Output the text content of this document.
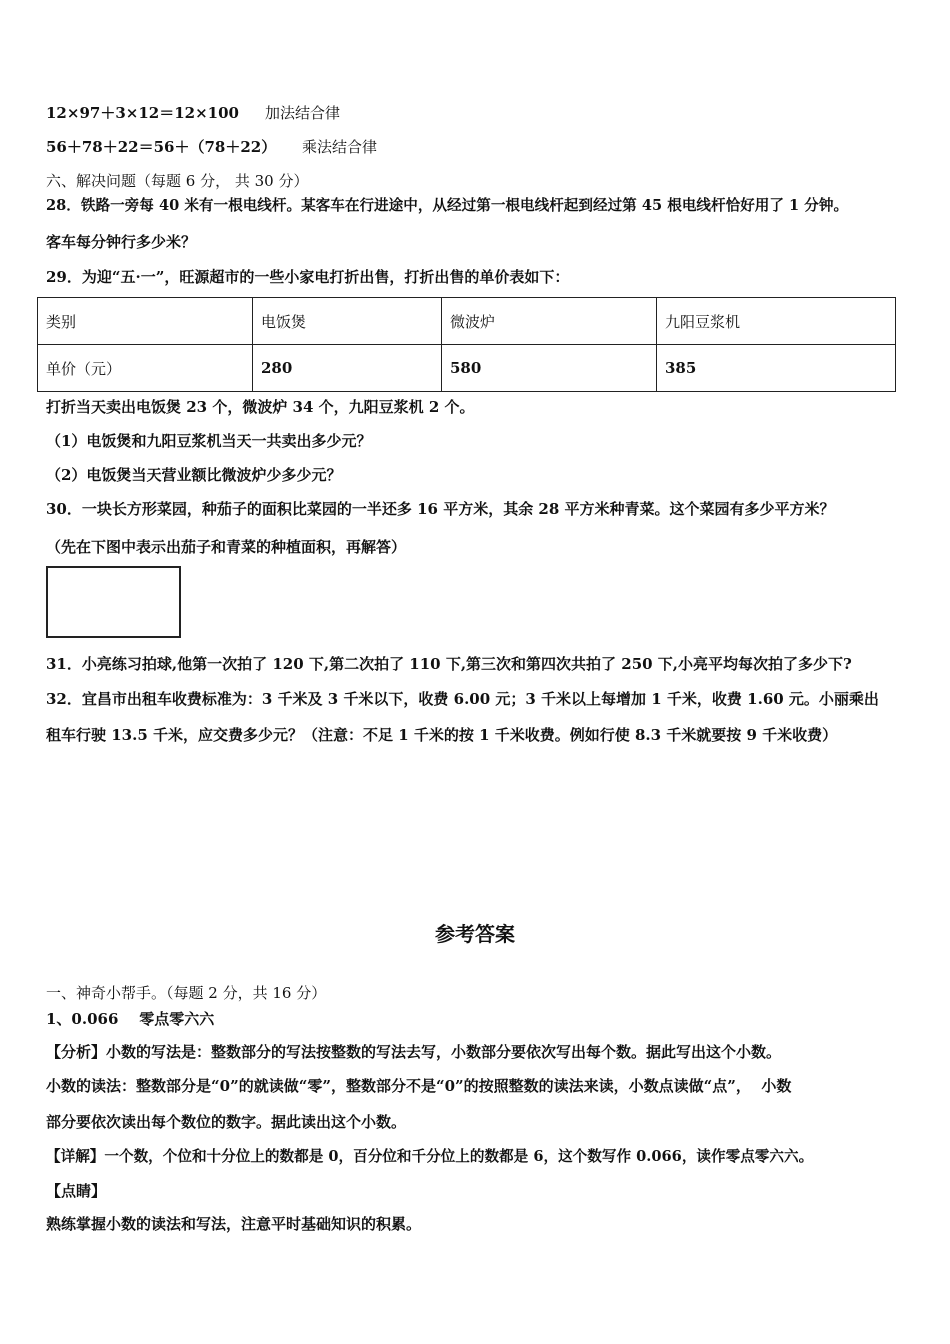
12×97＋3×12＝12×100 加法结合律
56＋78＋22＝56＋（78＋22） 乘法结合律
六、解决问题（每题 6 分， 共 30 分）
28．铁路一旁每 40 米有一根电线杆。某客车在行进途中，从经过第一根电线杆起到经过第 45 根电线杆恰好用了 1 分钟。
客车每分钟行多少米？
29．为迎“五·一”，旺源超市的一些小家电打折出售，打折出售的单价表如下：
类别	电饭煲	微波炉	九阳豆浆机
单价（元）	280	580	385
打折当天卖出电饭煲 23 个，微波炉 34 个，九阳豆浆机 2 个。
（1）电饭煲和九阳豆浆机当天一共卖出多少元？
（2）电饭煲当天营业额比微波炉少多少元？
30．一块长方形菜园，种茄子的面积比菜园的一半还多 16 平方米，其余 28 平方米种青菜。这个菜园有多少平方米？
（先在下图中表示出茄子和青菜的种植面积，再解答）
31．小亮练习拍球,他第一次拍了 120 下,第二次拍了 110 下,第三次和第四次共拍了 250 下,小亮平均每次拍了多少下?
32．宜昌市出租车收费标准为：3 千米及 3 千米以下，收费 6.00 元；3 千米以上每增加 1 千米，收费 1.60 元。小丽乘出
租车行驶 13.5 千米，应交费多少元？（注意：不足 1 千米的按 1 千米收费。例如行使 8.3 千米就要按 9 千米收费）
参考答案
一、神奇小帮手。（每题 2 分，共 16 分）
1、0.066    零点零六六
【分析】小数的写法是：整数部分的写法按整数的写法去写，小数部分要依次写出每个数。据此写出这个小数。
小数的读法：整数部分是“0”的就读做“零”，整数部分不是“0”的按照整数的读法来读，小数点读做“点”，  小数
部分要依次读出每个数位的数字。据此读出这个小数。
【详解】一个数，个位和十分位上的数都是 0，百分位和千分位上的数都是 6，这个数写作 0.066，读作零点零六六。
【点睛】
熟练掌握小数的读法和写法，注意平时基础知识的积累。
